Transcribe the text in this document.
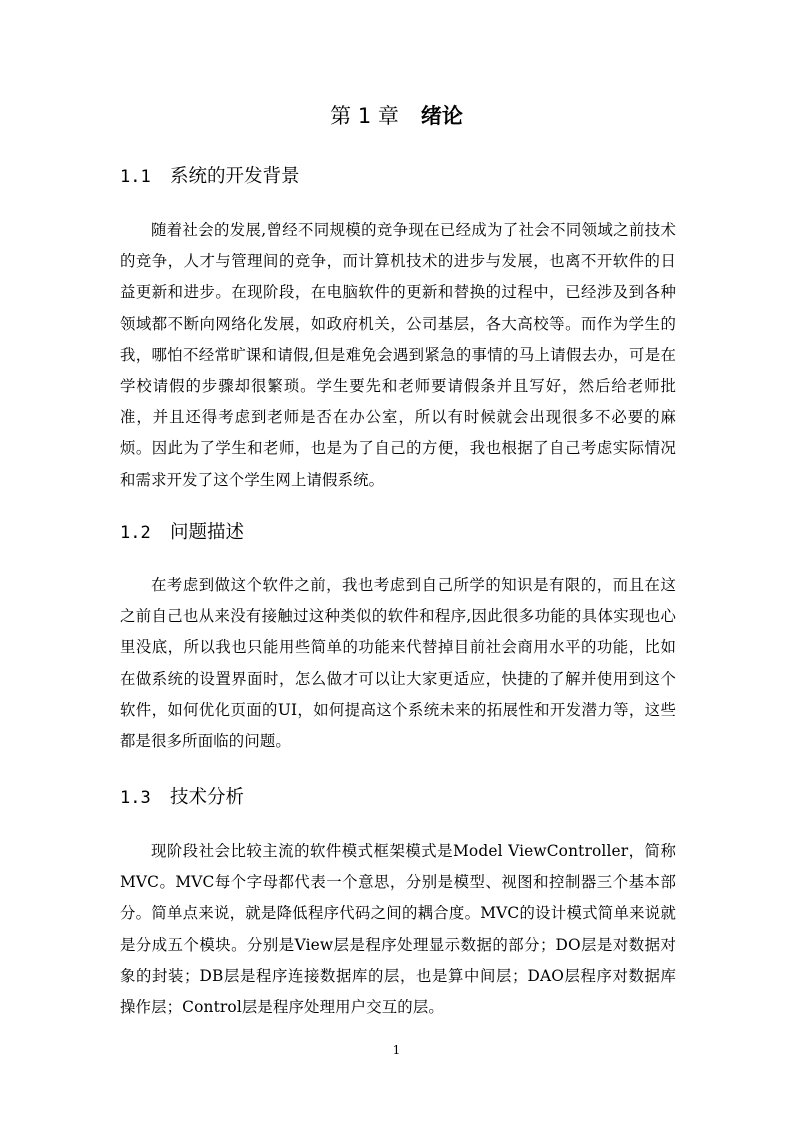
第 1 章 绪论
1.1 系统的开发背景

随着社会的发展,曾经不同规模的竞争现在已经成为了社会不同领域之前技术的竞争，人才与管理间的竞争，而计算机技术的进步与发展，也离不开软件的日益更新和进步。在现阶段，在电脑软件的更新和替换的过程中，已经涉及到各种领域都不断向网络化发展，如政府机关，公司基层，各大高校等。而作为学生的我，哪怕不经常旷课和请假,但是难免会遇到紧急的事情的马上请假去办，可是在学校请假的步骤却很繁琐。学生要先和老师要请假条并且写好，然后给老师批准，并且还得考虑到老师是否在办公室，所以有时候就会出现很多不必要的麻烦。因此为了学生和老师，也是为了自己的方便，我也根据了自己考虑实际情况和需求开发了这个学生网上请假系统。

1.2 问题描述

在考虑到做这个软件之前，我也考虑到自己所学的知识是有限的，而且在这之前自己也从来没有接触过这种类似的软件和程序,因此很多功能的具体实现也心里没底，所以我也只能用些简单的功能来代替掉目前社会商用水平的功能，比如在做系统的设置界面时，怎么做才可以让大家更适应，快捷的了解并使用到这个软件，如何优化页面的UI，如何提高这个系统未来的拓展性和开发潜力等，这些都是很多所面临的问题。

1.3 技术分析

现阶段社会比较主流的软件模式框架模式是Model ViewController，简称MVC。MVC每个字母都代表一个意思，分别是模型、视图和控制器三个基本部分。简单点来说，就是降低程序代码之间的耦合度。MVC的设计模式简单来说就是分成五个模块。分别是View层是程序处理显示数据的部分；DO层是对数据对象的封装；DB层是程序连接数据库的层，也是算中间层；DAO层程序对数据库操作层；Control层是程序处理用户交互的层。

1
